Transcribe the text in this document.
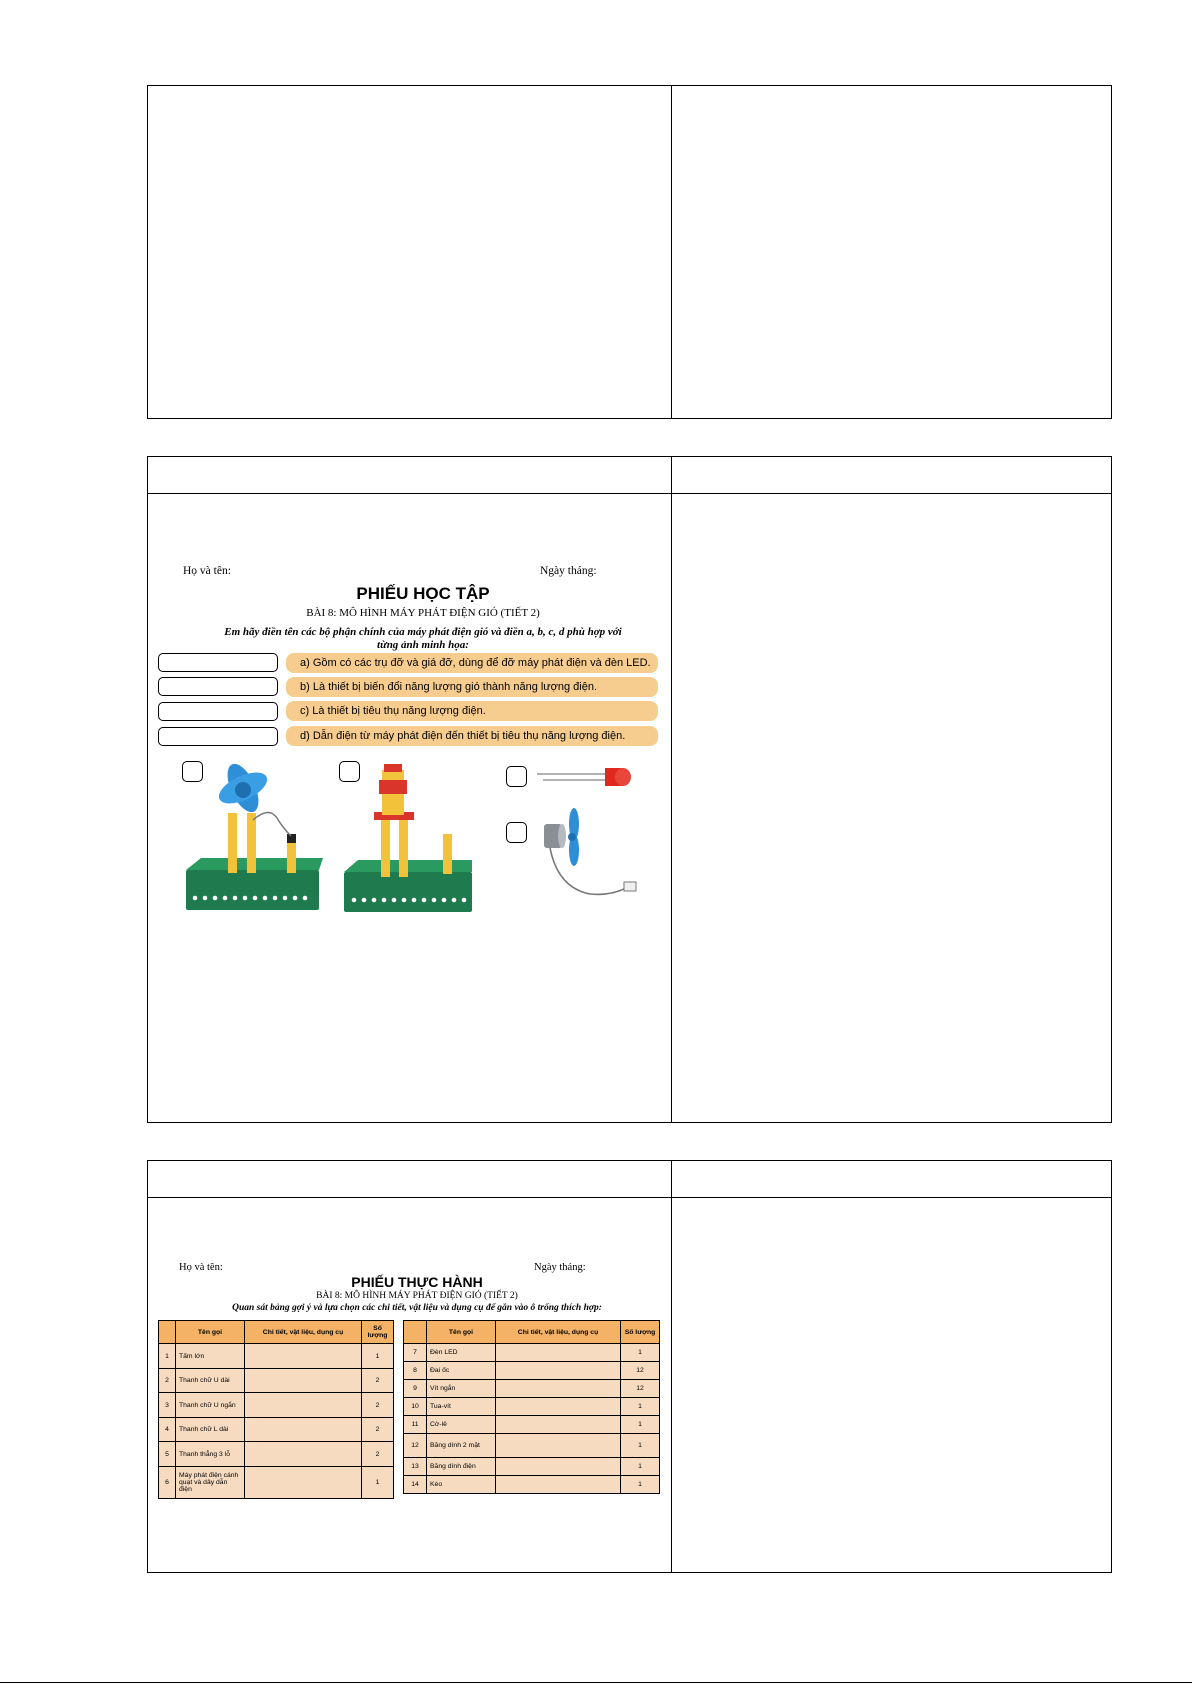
Họ và tên:	Ngày tháng:
PHIẾU HỌC TẬP
BÀI 8: MÔ HÌNH MÁY PHÁT ĐIỆN GIÓ (TIẾT 2)
Em hãy điền tên các bộ phận chính của máy phát điện gió và điền a, b, c, d phù hợp với
từng ảnh minh họa:
a) Gồm có các trụ đỡ và giá đỡ, dùng để đỡ máy phát điện và đèn LED.
b) Là thiết bị biến đổi năng lượng gió thành năng lượng điện.
c) Là thiết bị tiêu thụ năng lượng điện.
d) Dẫn điện từ máy phát điện đến thiết bị tiêu thụ năng lượng điện.
Họ và tên:	Ngày tháng:
PHIẾU THỰC HÀNH
BÀI 8: MÔ HÌNH MÁY PHÁT ĐIỆN GIÓ (TIẾT 2)
Quan sát bảng gợi ý và lựa chọn các chi tiết, vật liệu và dụng cụ để gắn vào ô trống thích hợp:
	Tên gọi	Chi tiết, vật liệu, dụng cụ	Số lượng
1	Tấm lớn		1
2	Thanh chữ U dài		2
3	Thanh chữ U ngắn		2
4	Thanh chữ L dài		2
5	Thanh thẳng 3 lỗ		2
6	Máy phát điện cánh quạt và dây dẫn điện		1
	Tên gọi	Chi tiết, vật liệu, dụng cụ	Số lượng
7	Đèn LED		1
8	Đai ốc		12
9	Vít ngắn		12
10	Tua-vít		1
11	Cờ-lê		1
12	Băng dính 2 mặt		1
13	Băng dính điện		1
14	Kéo		1
